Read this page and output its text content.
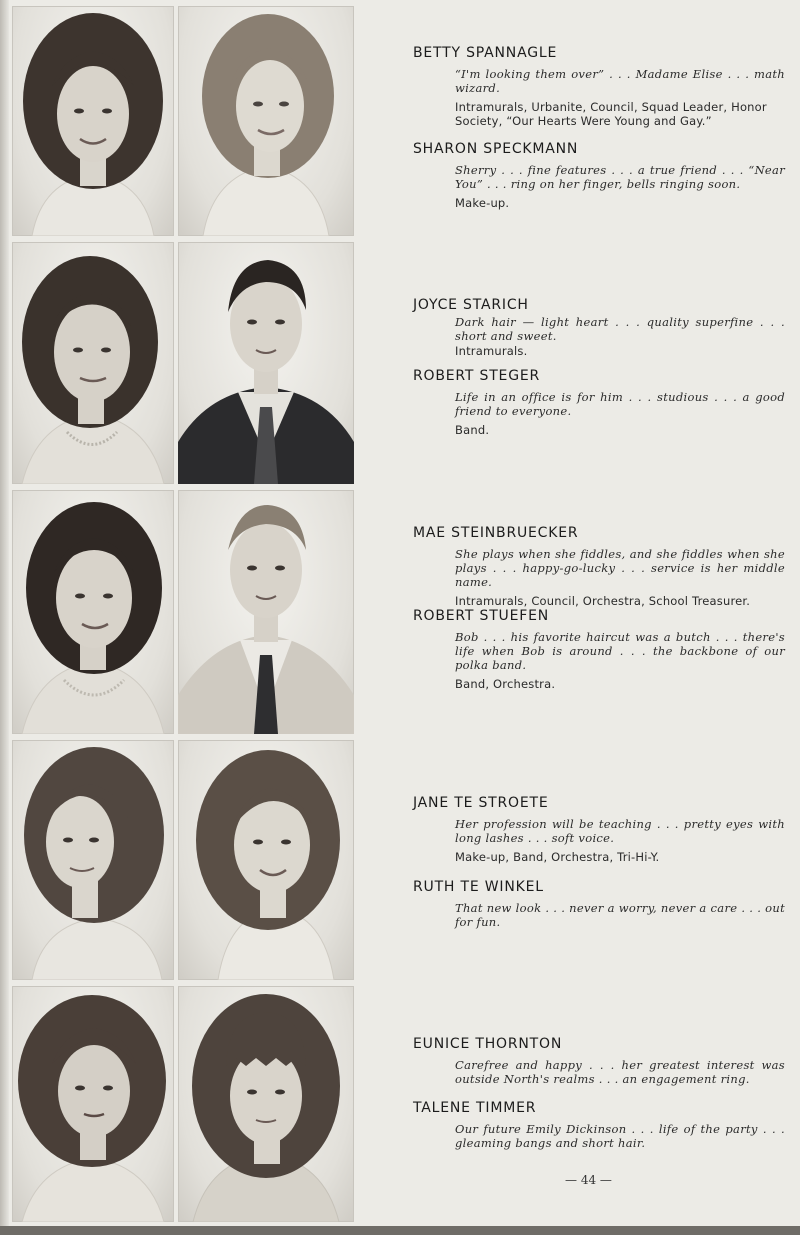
BETTY SPANNAGLE
“I'm looking them over” . . . Madame Elise . . . math wizard.
Intramurals, Urbanite, Council, Squad Leader, Honor Society, “Our Hearts Were Young and Gay.”
SHARON SPECKMANN
Sherry . . . fine features . . . a true friend . . . “Near You” . . . ring on her finger, bells ringing soon.
Make-up.
JOYCE STARICH
Dark hair — light heart . . . quality superfine . . . short and sweet.
Intramurals.
ROBERT STEGER
Life in an office is for him . . . studious . . . a good friend to everyone.
Band.
MAE STEINBRUECKER
She plays when she fiddles, and she fiddles when she plays . . . happy-go-lucky . . . service is her middle name.
Intramurals, Council, Orchestra, School Treasurer.
ROBERT STUEFEN
Bob . . . his favorite haircut was a butch . . . there's life when Bob is around . . . the backbone of our polka band.
Band, Orchestra.
JANE TE STROETE
Her profession will be teaching . . . pretty eyes with long lashes . . . soft voice.
Make-up, Band, Orchestra, Tri-Hi-Y.
RUTH TE WINKEL
That new look . . . never a worry, never a care . . . out for fun.
EUNICE THORNTON
Carefree and happy . . . her greatest interest was outside North's realms . . . an engagement ring.
TALENE TIMMER
Our future Emily Dickinson . . . life of the party . . . gleaming bangs and short hair.
— 44 —
